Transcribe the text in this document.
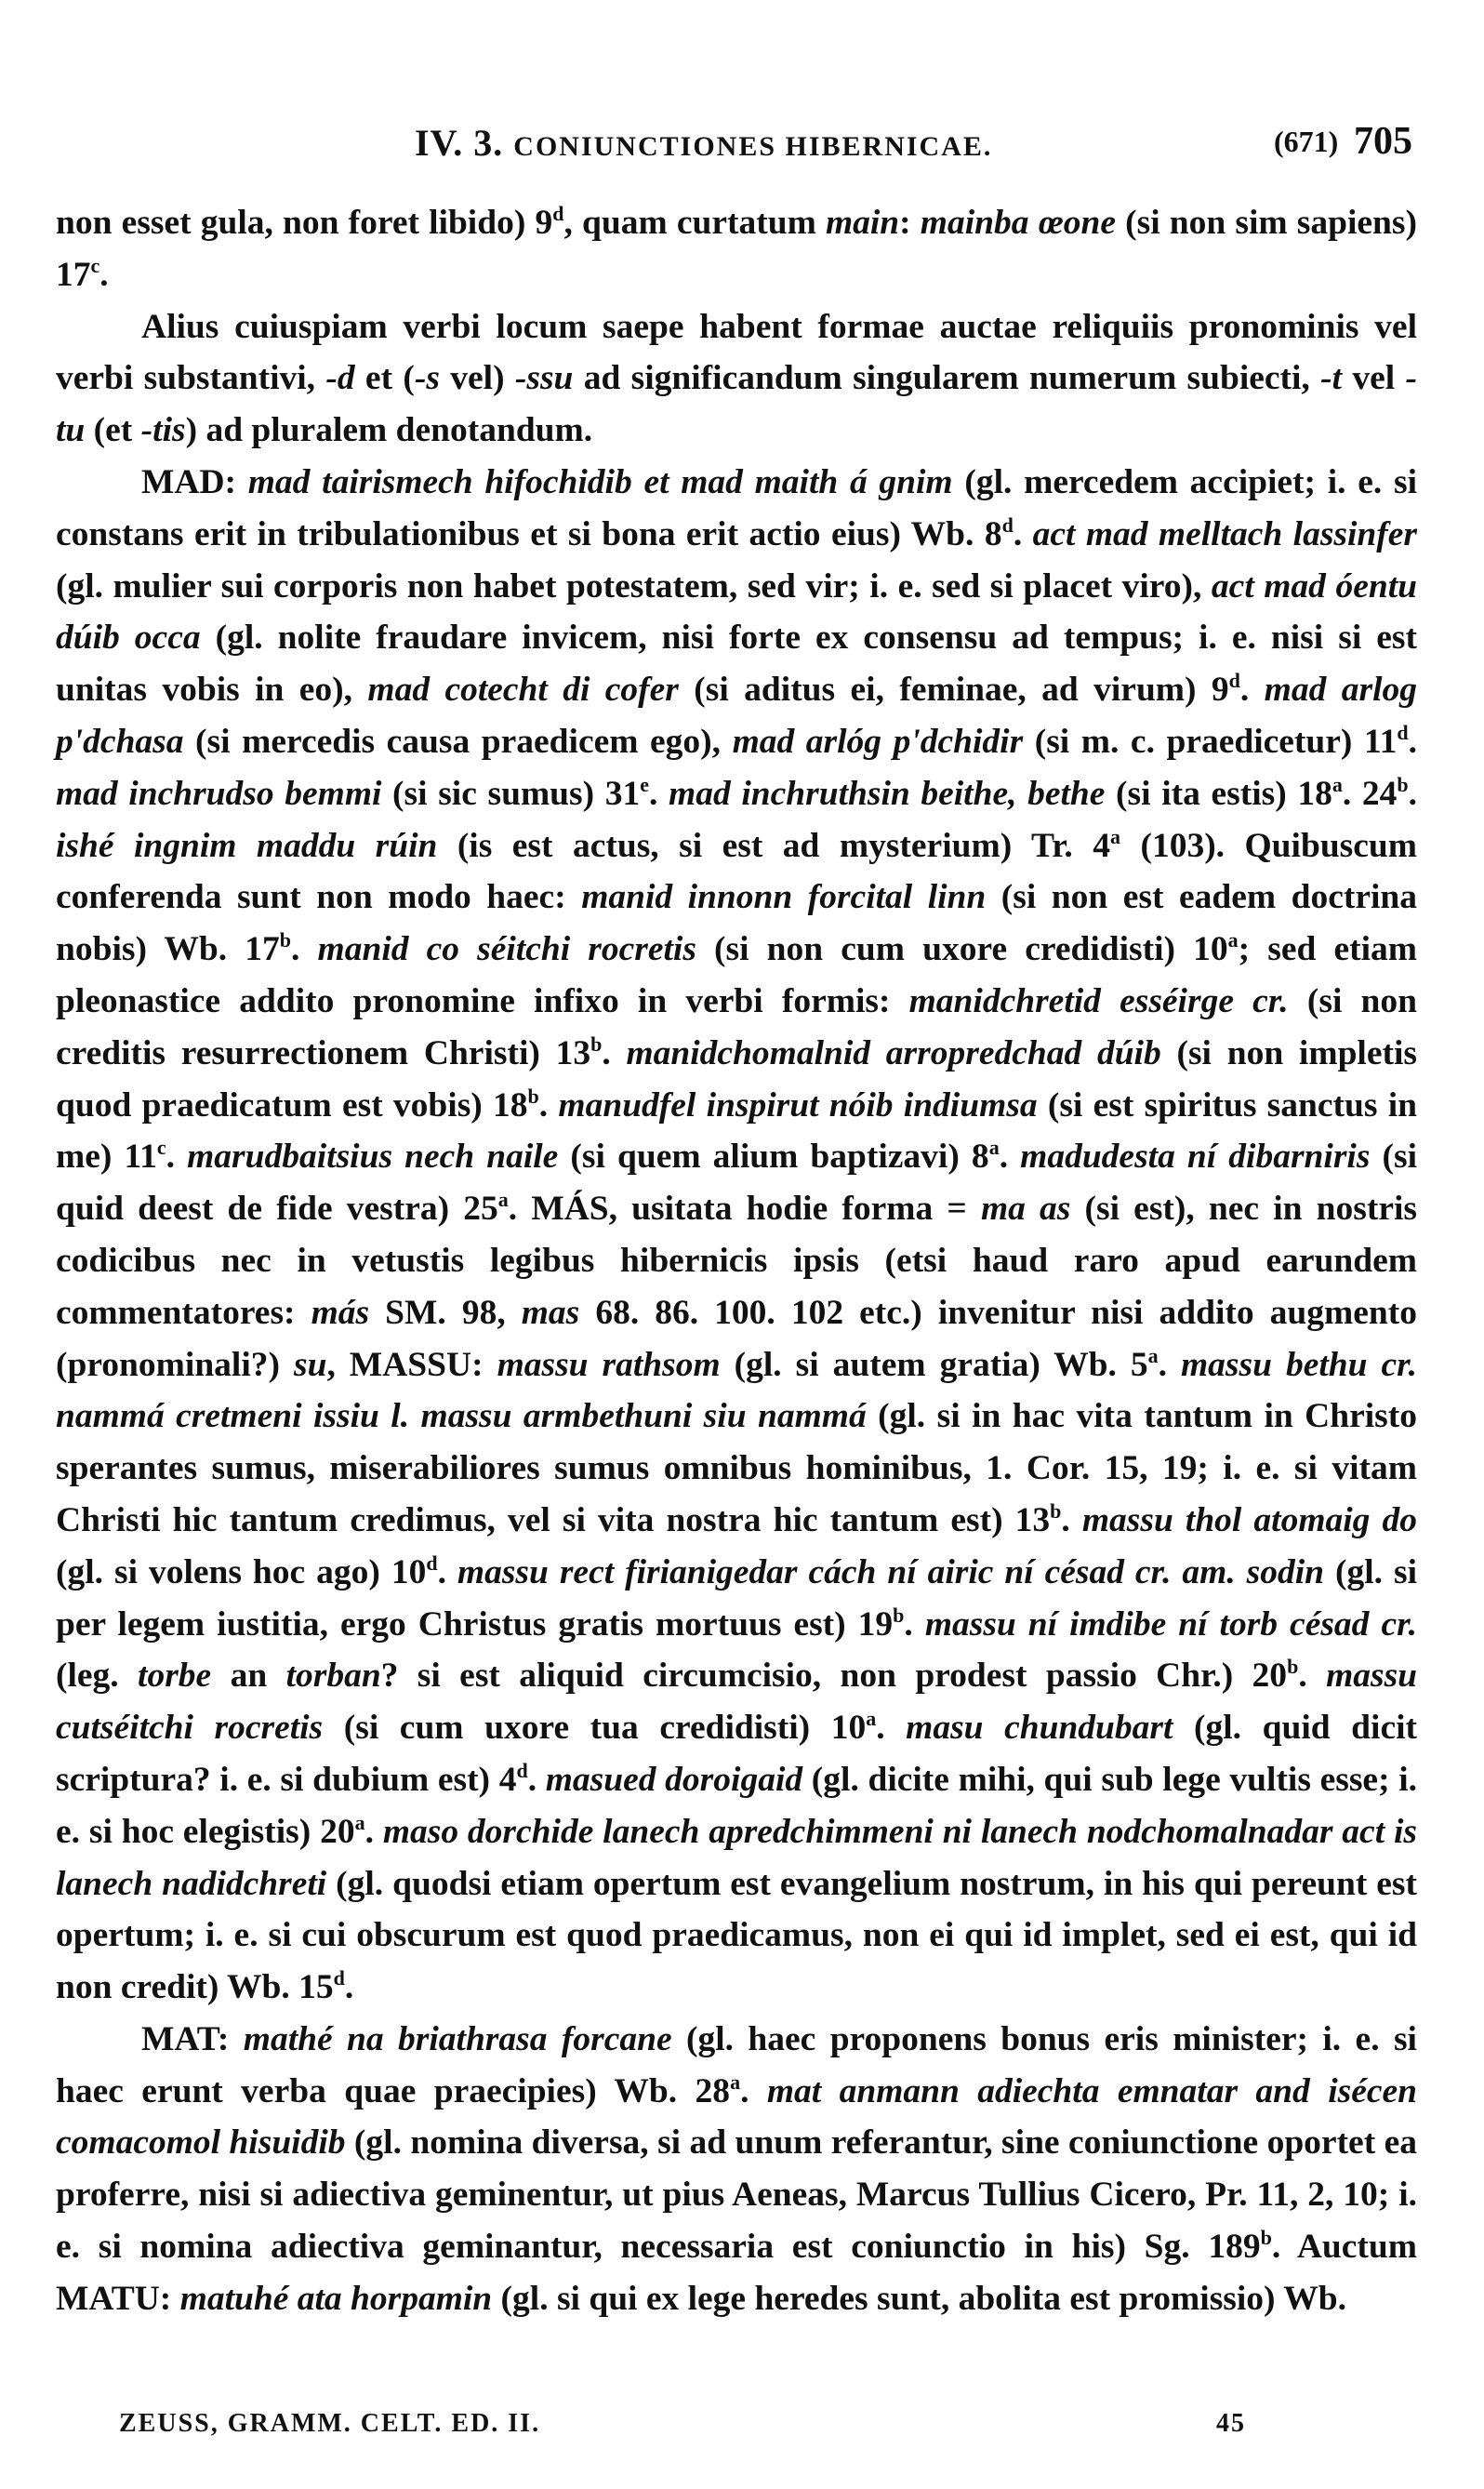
IV. 3. CONIUNCTIONES HIBERNICAE.	(671) 705

non esset gula, non foret libido) 9$^d$, quam curtatum main: mainba œone (si non sim sapiens) 17$^c$.

Alius cuiuspiam verbi locum saepe habent formae auctae reliquiis pronominis vel verbi substantivi, -d et (-s vel) -ssu ad significandum singularem numerum subiecti, -t vel -tu (et -tis) ad pluralem denotandum.

MAD: mad tairismech hifochidib et mad maith á gnim (gl. mercedem accipiet; i. e. si constans erit in tribulationibus et si bona erit actio eius) Wb. 8$^d$. act mad melltach lassinfer (gl. mulier sui corporis non habet potestatem, sed vir; i. e. sed si placet viro), act mad óentu dúib occa (gl. nolite fraudare invicem, nisi forte ex consensu ad tempus; i. e. nisi si est unitas vobis in eo), mad cotecht di cofer (si aditus ei, feminae, ad virum) 9$^d$. mad arlog p'dchasa (si mercedis causa praedicem ego), mad arlóg p'dchidir (si m. c. praedicetur) 11$^d$. mad inchrudso bemmi (si sic sumus) 31e. mad inchruthsin beithe, bethe (si ita estis) 18$^a$. 24$^b$. ishé ingnim maddu rúin (is est actus, si est ad mysterium) Tr. 4$^a$ (103). Quibuscum conferenda sunt non modo haec: manid innonn forcital linn (si non est eadem doctrina nobis) Wb. 17$^b$. manid co séitchi rocretis (si non cum uxore credidisti) 10$^a$; sed etiam pleonastice addito pronomine infixo in verbi formis: manidchretid esséirge cr. (si non creditis resurrectionem Christi) 13$^b$. manidchomalnid arropredchad dúib (si non impletis quod praedicatum est vobis) 18$^b$. manudfel inspirut nóib indiumsa (si est spiritus sanctus in me) 11$^c$. marudbaitsius nech naile (si quem alium baptizavi) 8$^a$. madudesta ní dibarniris (si quid deest de fide vestra) 25$^a$. MÁS, usitata hodie forma = ma as (si est), nec in nostris codicibus nec in vetustis legibus hibernicis ipsis (etsi haud raro apud earundem commentatores: más SM. 98, mas 68. 86. 100. 102 etc.) invenitur nisi addito augmento (pronominali?) su, MASSU: massu rathsom (gl. si autem gratia) Wb. 5$^a$. massu bethu cr. nammá cretmeni issiu l. massu armbethuni siu nammá (gl. si in hac vita tantum in Christo sperantes sumus, miserabiliores sumus omnibus hominibus, 1. Cor. 15, 19; i. e. si vitam Christi hic tantum credimus, vel si vita nostra hic tantum est) 13$^b$. massu thol atomaig do (gl. si volens hoc ago) 10$^d$. massu rect firianigedar cách ní airic ní césad cr. am. sodin (gl. si per legem iustitia, ergo Christus gratis mortuus est) 19$^b$. massu ní imdibe ní torb césad cr. (leg. torbe an torban? si est aliquid circumcisio, non prodest passio Chr.) 20$^b$. massu cutséitchi rocretis (si cum uxore tua credidisti) 10$^a$. masu chundubart (gl. quid dicit scriptura? i. e. si dubium est) 4$^d$. masued doroigaid (gl. dicite mihi, qui sub lege vultis esse; i. e. si hoc elegistis) 20$^a$. maso dorchide lanech apredchimmeni ni lanech nodchomalnadar act is lanech nadidchreti (gl. quodsi etiam opertum est evangelium nostrum, in his qui pereunt est opertum; i. e. si cui obscurum est quod praedicamus, non ei qui id implet, sed ei est, qui id non credit) Wb. 15$^d$.

MAT: mathé na briathrasa forcane (gl. haec proponens bonus eris minister; i. e. si haec erunt verba quae praecipies) Wb. 28$^a$. mat anmann adiechta emnatar and isécen comacomol hisuidib (gl. nomina diversa, si ad unum referantur, sine coniunctione oportet ea proferre, nisi si adiectiva geminentur, ut pius Aeneas, Marcus Tullius Cicero, Pr. 11, 2, 10; i. e. si nomina adiectiva geminantur, necessaria est coniunctio in his) Sg. 189$^b$. Auctum MATU: matuhé ata horpamin (gl. si qui ex lege heredes sunt, abolita est promissio) Wb.

ZEUSS, GRAMM. CELT. ED. II.	45
